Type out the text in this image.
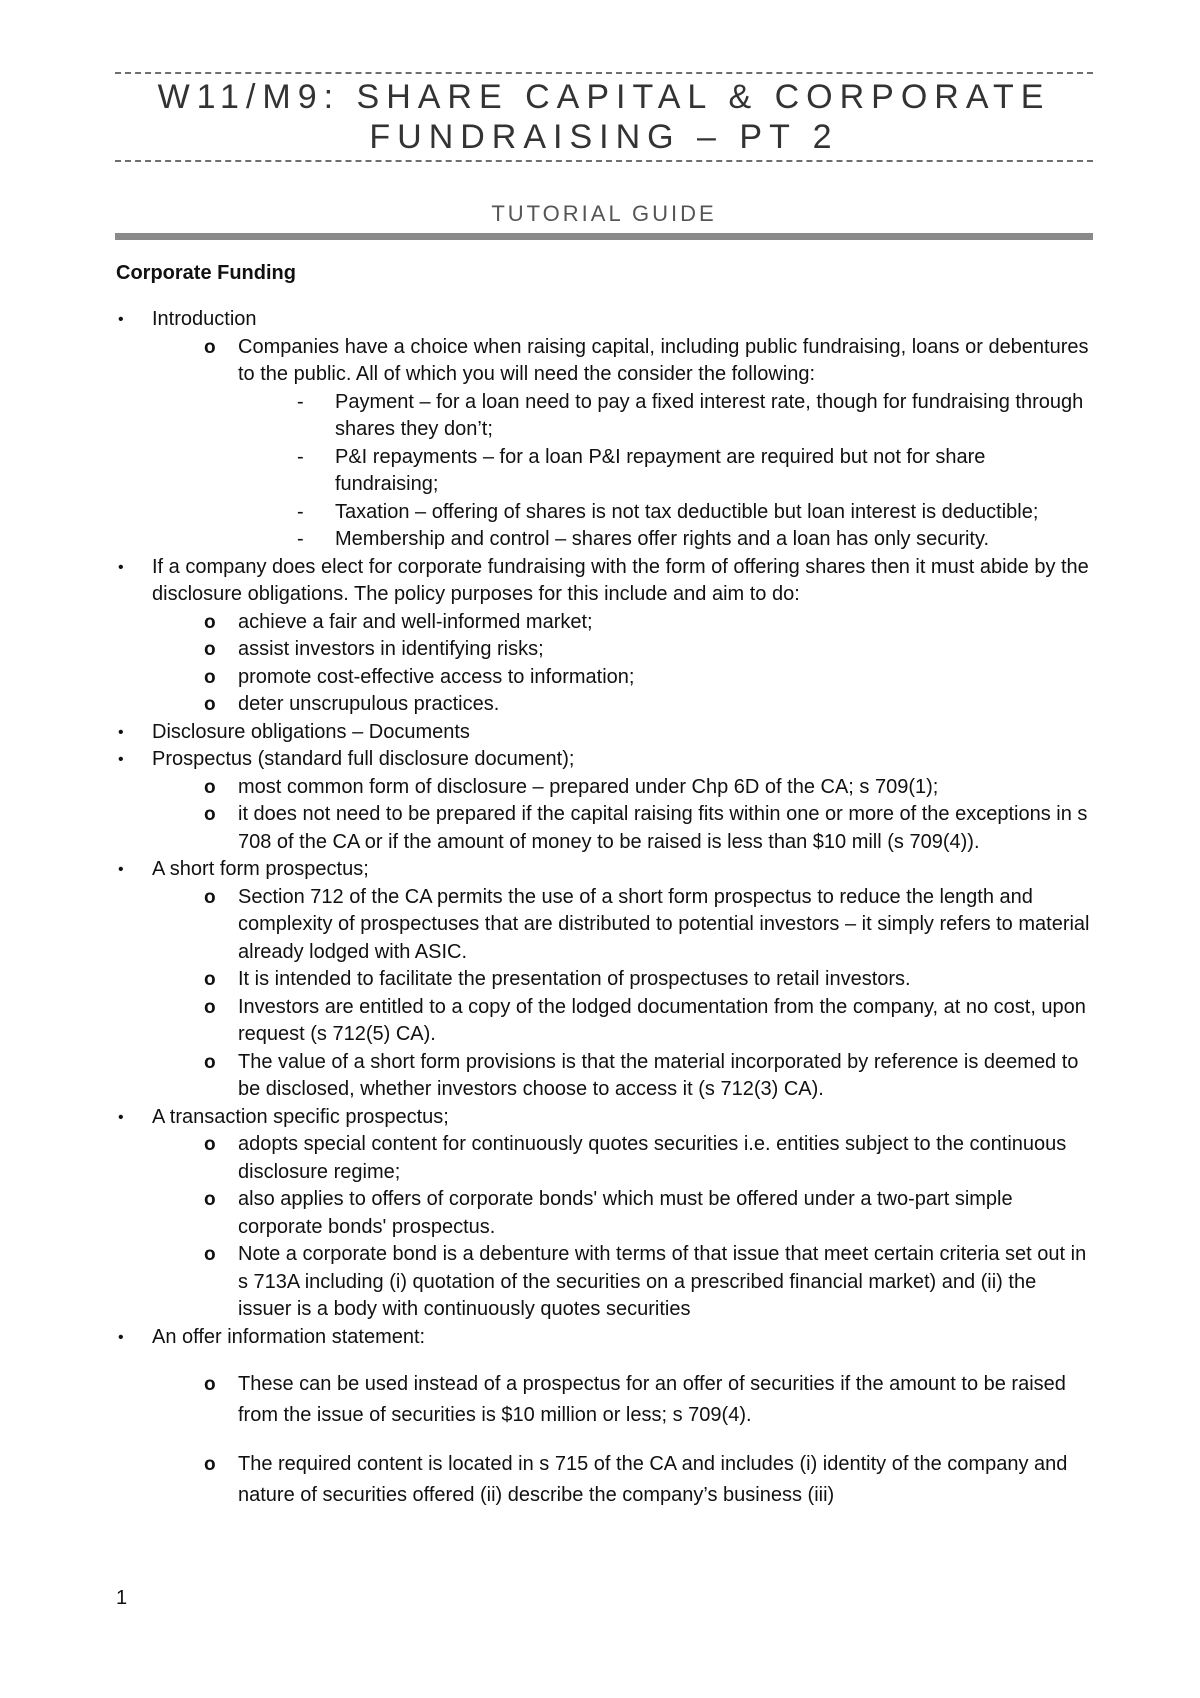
W11/M9: SHARE CAPITAL & CORPORATE
FUNDRAISING – PT 2
TUTORIAL GUIDE
Corporate Funding
• Introduction
o Companies have a choice when raising capital, including public fundraising, loans or debentures to the public. All of which you will need the consider the following:
- Payment – for a loan need to pay a fixed interest rate, though for fundraising through shares they don’t;
- P&I repayments – for a loan P&I repayment are required but not for share fundraising;
- Taxation – offering of shares is not tax deductible but loan interest is deductible;
- Membership and control – shares offer rights and a loan has only security.
• If a company does elect for corporate fundraising with the form of offering shares then it must abide by the disclosure obligations. The policy purposes for this include and aim to do:
o achieve a fair and well-informed market;
o assist investors in identifying risks;
o promote cost-effective access to information;
o deter unscrupulous practices.
• Disclosure obligations – Documents
• Prospectus (standard full disclosure document);
o most common form of disclosure – prepared under Chp 6D of the CA; s 709(1);
o it does not need to be prepared if the capital raising fits within one or more of the exceptions in s 708 of the CA or if the amount of money to be raised is less than $10 mill (s 709(4)).
• A short form prospectus;
o Section 712 of the CA permits the use of a short form prospectus to reduce the length and complexity of prospectuses that are distributed to potential investors – it simply refers to material already lodged with ASIC.
o It is intended to facilitate the presentation of prospectuses to retail investors.
o Investors are entitled to a copy of the lodged documentation from the company, at no cost, upon request (s 712(5) CA).
o The value of a short form provisions is that the material incorporated by reference is deemed to be disclosed, whether investors choose to access it (s 712(3) CA).
• A transaction specific prospectus;
o adopts special content for continuously quotes securities i.e. entities subject to the continuous disclosure regime;
o also applies to offers of corporate bonds' which must be offered under a two-part simple corporate bonds' prospectus.
o Note a corporate bond is a debenture with terms of that issue that meet certain criteria set out in s 713A including (i) quotation of the securities on a prescribed financial market) and (ii) the issuer is a body with continuously quotes securities
• An offer information statement:
o These can be used instead of a prospectus for an offer of securities if the amount to be raised from the issue of securities is $10 million or less; s 709(4).
o The required content is located in s 715 of the CA and includes (i) identity of the company and nature of securities offered (ii) describe the company’s business (iii)
1
